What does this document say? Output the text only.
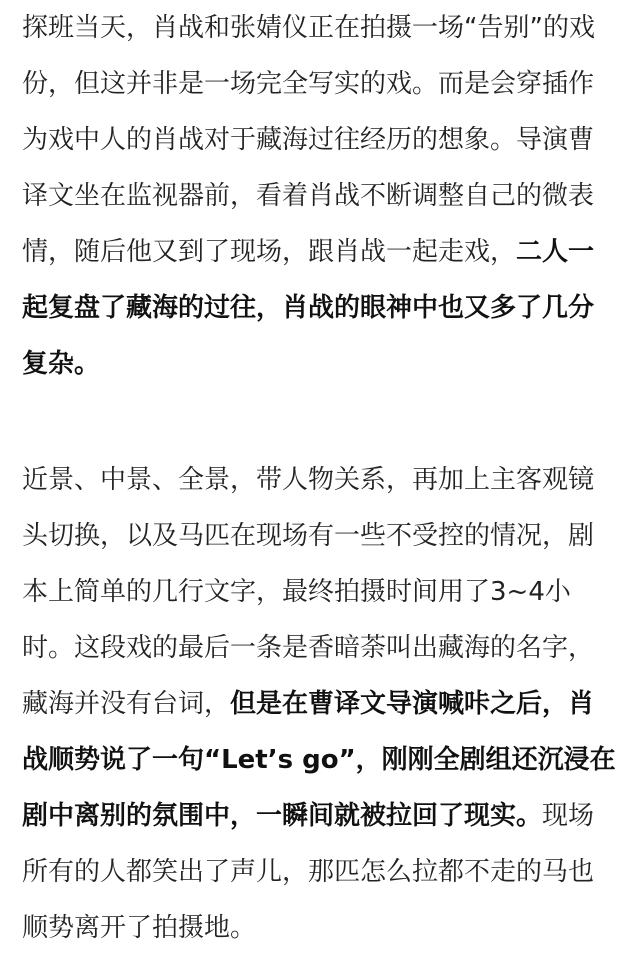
探班当天，肖战和张婧仪正在拍摄一场“告别”的戏
份，但这并非是一场完全写实的戏。而是会穿插作
为戏中人的肖战对于藏海过往经历的想象。导演曹
译文坐在监视器前，看着肖战不断调整自己的微表
情，随后他又到了现场，跟肖战一起走戏，二人一
起复盘了藏海的过往，肖战的眼神中也又多了几分
复杂。
近景、中景、全景，带人物关系，再加上主客观镜
头切换，以及马匹在现场有一些不受控的情况，剧
本上简单的几行文字，最终拍摄时间用了3~4小
时。这段戏的最后一条是香暗荼叫出藏海的名字，
藏海并没有台词，但是在曹译文导演喊咔之后，肖
战顺势说了一句“Let’s go”，刚刚全剧组还沉浸在
剧中离别的氛围中，一瞬间就被拉回了现实。现场
所有的人都笑出了声儿，那匹怎么拉都不走的马也
顺势离开了拍摄地。
